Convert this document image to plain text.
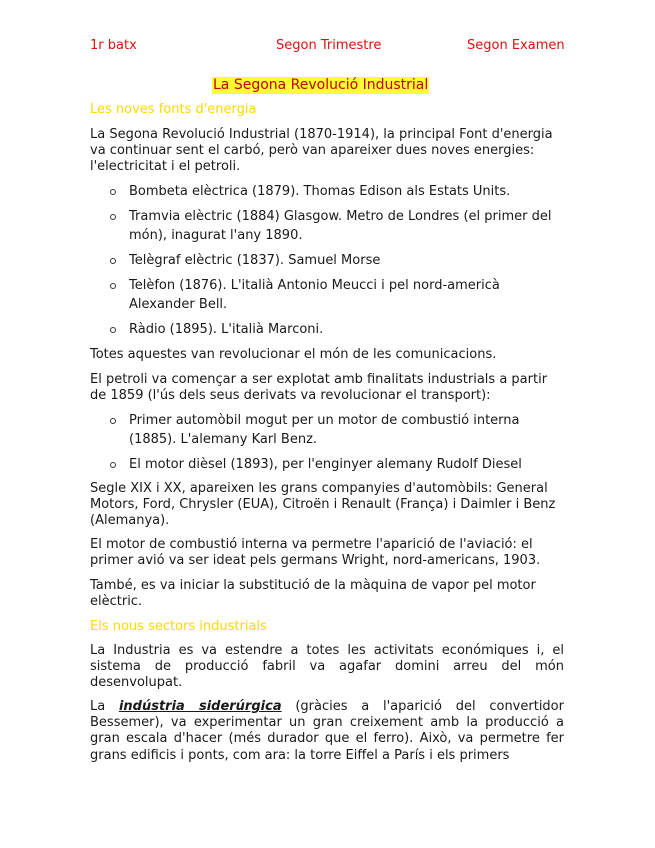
1r batx	Segon Trimestre	Segon Examen
La Segona Revolució Industrial
Les noves fonts d'energia
La Segona Revolució Industrial (1870-1914), la principal Font d'energia va continuar sent el carbó, però van apareixer dues noves energies: l'electricitat i el petroli.
Bombeta elèctrica (1879). Thomas Edison als Estats Units.
Tramvia elèctric (1884) Glasgow. Metro de Londres (el primer del
món), inagurat l'any 1890.
Telègraf elèctric (1837). Samuel Morse
Telèfon (1876). L'italià Antonio Meucci i pel nord-americà
Alexander Bell.
Ràdio (1895). L'italià Marconi.
Totes aquestes van revolucionar el món de les comunicacions.
El petroli va començar a ser explotat amb finalitats industrials a partir de 1859 (l'ús dels seus derivats va revolucionar el transport):
Primer automòbil mogut per un motor de combustió interna
(1885). L'alemany Karl Benz.
El motor dièsel (1893), per l'enginyer alemany Rudolf Diesel
Segle XIX i XX, apareixen les grans companyies d'automòbils: General Motors, Ford, Chrysler (EUA), Citroën i Renault (França) i Daimler i Benz (Alemanya).
El motor de combustió interna va permetre l'aparició de l'aviació: el primer avió va ser ideat pels germans Wright, nord-americans, 1903.
També, es va iniciar la substitució de la màquina de vapor pel motor elèctric.
Els nous sectors industrials
La Industria es va estendre a totes les activitats económiques i, el sistema de producció fabril va agafar domini arreu del món desenvolupat.
La indústria siderúrgica (gràcies a l'aparició del convertidor Bessemer), va experimentar un gran creixement amb la producció a gran escala d'hacer (més durador que el ferro). Això, va permetre fer grans edificis i ponts, com ara: la torre Eiffel a París i els primers
